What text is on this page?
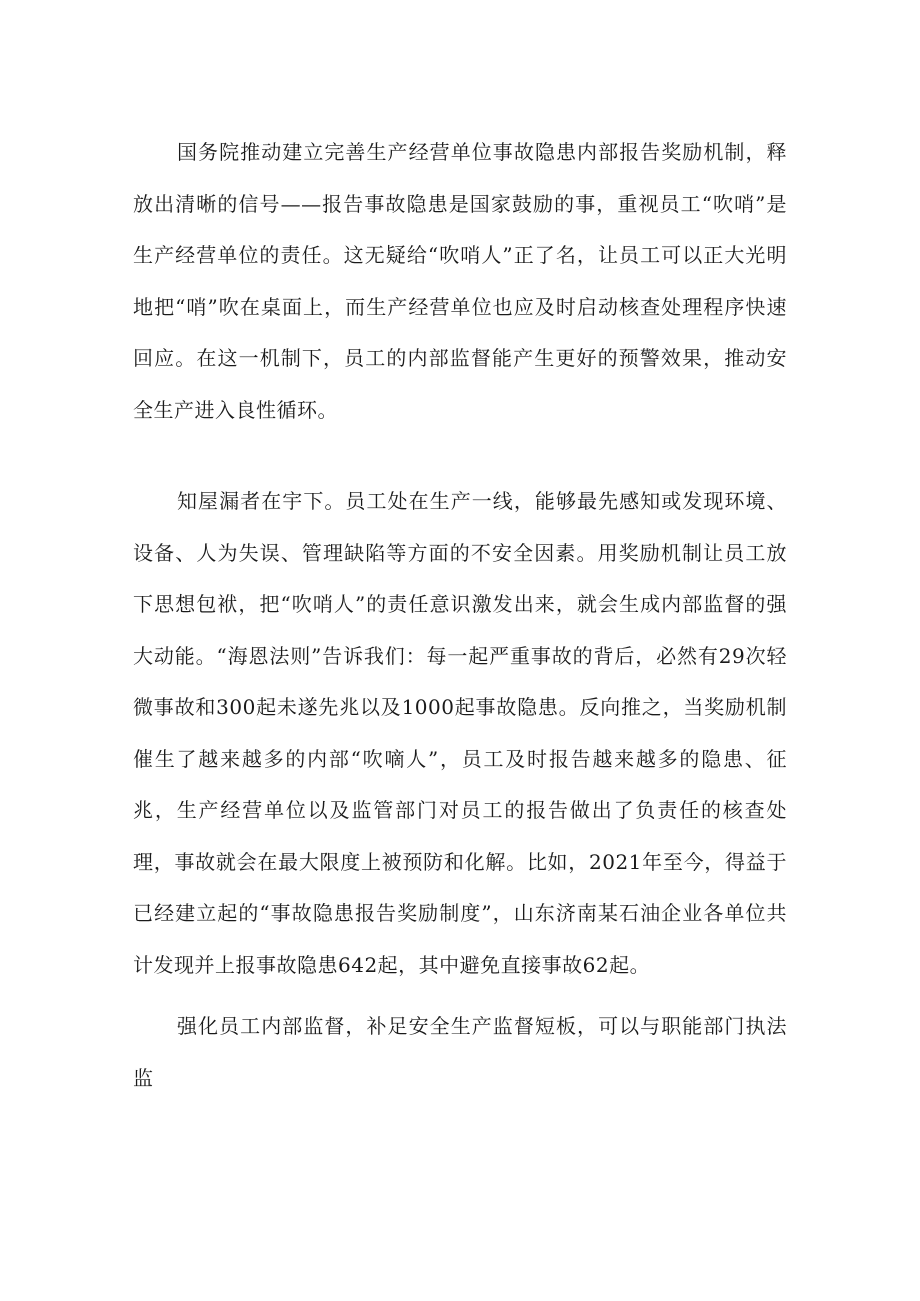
国务院推动建立完善生产经营单位事故隐患内部报告奖励机制，释放出清晰的信号——报告事故隐患是国家鼓励的事，重视员工“吹哨”是生产经营单位的责任。这无疑给“吹哨人”正了名，让员工可以正大光明地把“哨”吹在桌面上，而生产经营单位也应及时启动核查处理程序快速回应。在这一机制下，员工的内部监督能产生更好的预警效果，推动安全生产进入良性循环。

知屋漏者在宇下。员工处在生产一线，能够最先感知或发现环境、设备、人为失误、管理缺陷等方面的不安全因素。用奖励机制让员工放下思想包袱，把“吹哨人”的责任意识激发出来，就会生成内部监督的强大动能。“海恩法则”告诉我们：每一起严重事故的背后，必然有29次轻微事故和300起未遂先兆以及1000起事故隐患。反向推之，当奖励机制催生了越来越多的内部“吹嘀人”，员工及时报告越来越多的隐患、征兆，生产经营单位以及监管部门对员工的报告做出了负责任的核查处理，事故就会在最大限度上被预防和化解。比如，2021年至今，得益于已经建立起的“事故隐患报告奖励制度”，山东济南某石油企业各单位共计发现并上报事故隐患642起，其中避免直接事故62起。

强化员工内部监督，补足安全生产监督短板，可以与职能部门执法监
